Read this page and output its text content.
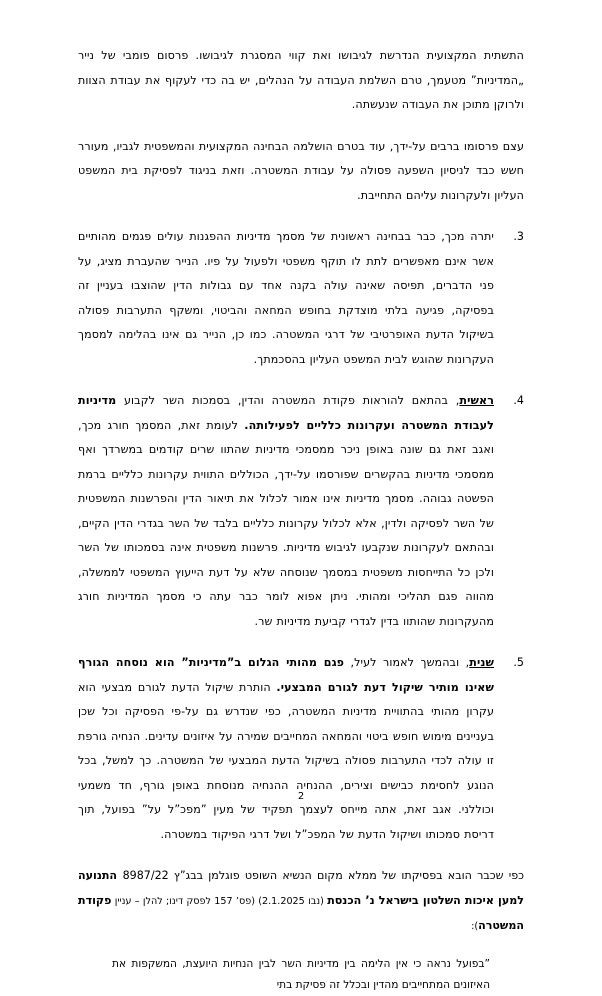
התשתית המקצועית הנדרשת לגיבושו ואת קווי המסגרת לגיבושו. פרסום פומבי של נייר „המדיניות” מטעמך, טרם השלמת העבודה על הנהלים, יש בה כדי לעקוף את עבודת הצוות ולרוקן מתוכן את העבודה שנעשתה.

עצם פרסומו ברבים על-ידך, עוד בטרם הושלמה הבחינה המקצועית והמשפטית לגביו, מעורר חשש כבד לניסיון השפעה פסולה על עבודת המשטרה. וזאת בניגוד לפסיקת בית המשפט העליון ולעקרונות עליהם התחייבת.

.3
יתרה מכך, כבר בבחינה ראשונית של מסמך מדיניות ההפגנות עולים פגמים מהותיים אשר אינם מאפשרים לתת לו תוקף משפטי ולפעול על פיו. הנייר שהעברת מציג, על פני הדברים, תפיסה שאינה עולה בקנה אחד עם גבולות הדין שהוצבו בעניין זה בפסיקה, פגיעה בלתי מוצדקת בחופש המחאה והביטוי, ומשקף התערבות פסולה בשיקול הדעת האופרטיבי של דרגי המשטרה. כמו כן, הנייר גם אינו בהלימה למסמך העקרונות שהוגש לבית המשפט העליון בהסכמתך.
.4
ראשית, בהתאם להוראות פקודת המשטרה והדין, בסמכות השר לקבוע מדיניות לעבודת המשטרה ועקרונות כלליים לפעילותה. לעומת זאת, המסמך חורג מכך, ואגב זאת גם שונה באופן ניכר ממסמכי מדיניות שהתוו שרים קודמים במשרדך ואף ממסמכי מדיניות בהקשרים שפורסמו על-ידך, הכוללים התווית עקרונות כלליים ברמת הפשטה גבוהה. מסמך מדיניות אינו אמור לכלול את תיאור הדין והפרשנות המשפטית של השר לפסיקה ולדין, אלא לכלול עקרונות כלליים בלבד של השר בגדרי הדין הקיים, ובהתאם לעקרונות שנקבעו לגיבוש מדיניות. פרשנות משפטית אינה בסמכותו של השר ולכן כל התייחסות משפטית במסמך שנוסחה שלא על דעת הייעוץ המשפטי לממשלה, מהווה פגם תהליכי ומהותי. ניתן אפוא לומר כבר עתה כי מסמך המדיניות חורג מהעקרונות שהותוו בדין לגדרי קביעת מדיניות שר.
.5
שנית, ובהמשך לאמור לעיל, פגם מהותי הגלום ב”מדיניות” הוא נוסחה הגורף שאינו מותיר שיקול דעת לגורם המבצעי. הותרת שיקול הדעת לגורם מבצעי הוא עקרון מהותי בהתוויית מדיניות המשטרה, כפי שנדרש גם על-פי הפסיקה וכל שכן בעניינים מימוש חופש ביטוי והמחאה המחייבים שמירה על איזונים עדינים. הנחיה גורפת זו עולה לכדי התערבות פסולה בשיקול הדעת המבצעי של המשטרה. כך למשל, בכל הנוגע לחסימת כבישים וצירים, ההנחיה ההנחיה מנוסחת באופן גורף, חד משמעי וכוללני. אגב זאת, אתה מייחס לעצמך תפקיד של מעין ”מפכ”ל על” בפועל, תוך דריסת סמכותו ושיקול הדעת של המפכ”ל ושל דרגי הפיקוד במשטרה.

כפי שכבר הובא בפסיקתו של ממלא מקום הנשיא השופט פוגלמן בבג”ץ 8987/22 התנועה למען איכות השלטון בישראל נ’ הכנסת (נבו 2.1.2025) (פס’ 157 לפסק דינו; להלן – עניין פקודת המשטרה):

”בפועל נראה כי אין הלימה בין מדיניות השר לבין הנחיות היועצת, המשקפות את האיזונים המתחייבים מהדין ובכלל זה פסיקת בתי
2
